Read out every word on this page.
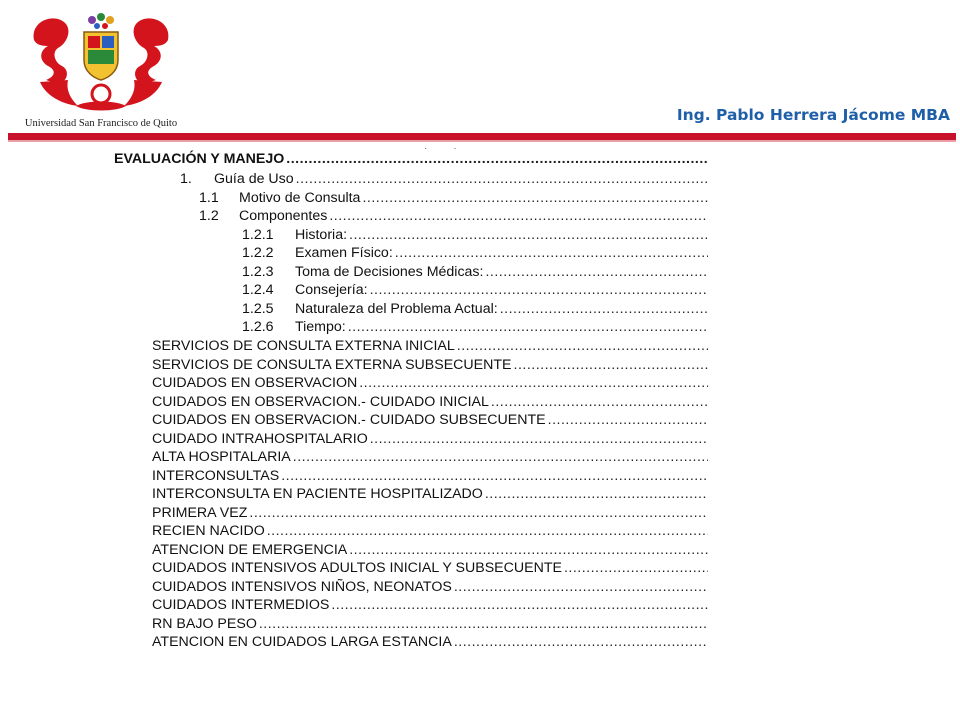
Universidad San Francisco de Quito	Ing. Pablo Herrera Jácome MBA
··
EVALUACIÓN Y MANEJO
.....
1.	Guía de Uso
.....
1.1	Motivo de Consulta
.....
1.2	Componentes
.....
1.2.1	Historia:
.....
1.2.2	Examen Físico:
.....
1.2.3	Toma de Decisiones Médicas:
.....
1.2.4	Consejería:
.....
1.2.5	Naturaleza del Problema Actual:
.....
1.2.6	Tiempo:
.....
SERVICIOS DE CONSULTA EXTERNA INICIAL
.....
SERVICIOS DE CONSULTA EXTERNA SUBSECUENTE
.....
CUIDADOS EN OBSERVACION
.....
CUIDADOS EN OBSERVACION.- CUIDADO INICIAL
.....
CUIDADOS EN OBSERVACION.- CUIDADO SUBSECUENTE
.....
CUIDADO INTRAHOSPITALARIO
.....
ALTA HOSPITALARIA
.....
INTERCONSULTAS
.....
INTERCONSULTA EN PACIENTE HOSPITALIZADO
.....
PRIMERA VEZ
.....
RECIEN NACIDO
.....
ATENCION DE EMERGENCIA
.....
CUIDADOS INTENSIVOS ADULTOS INICIAL Y SUBSECUENTE
.....
CUIDADOS INTENSIVOS NIÑOS, NEONATOS
.....
CUIDADOS INTERMEDIOS
.....
RN BAJO PESO
.....
ATENCION EN CUIDADOS LARGA ESTANCIA
.....
